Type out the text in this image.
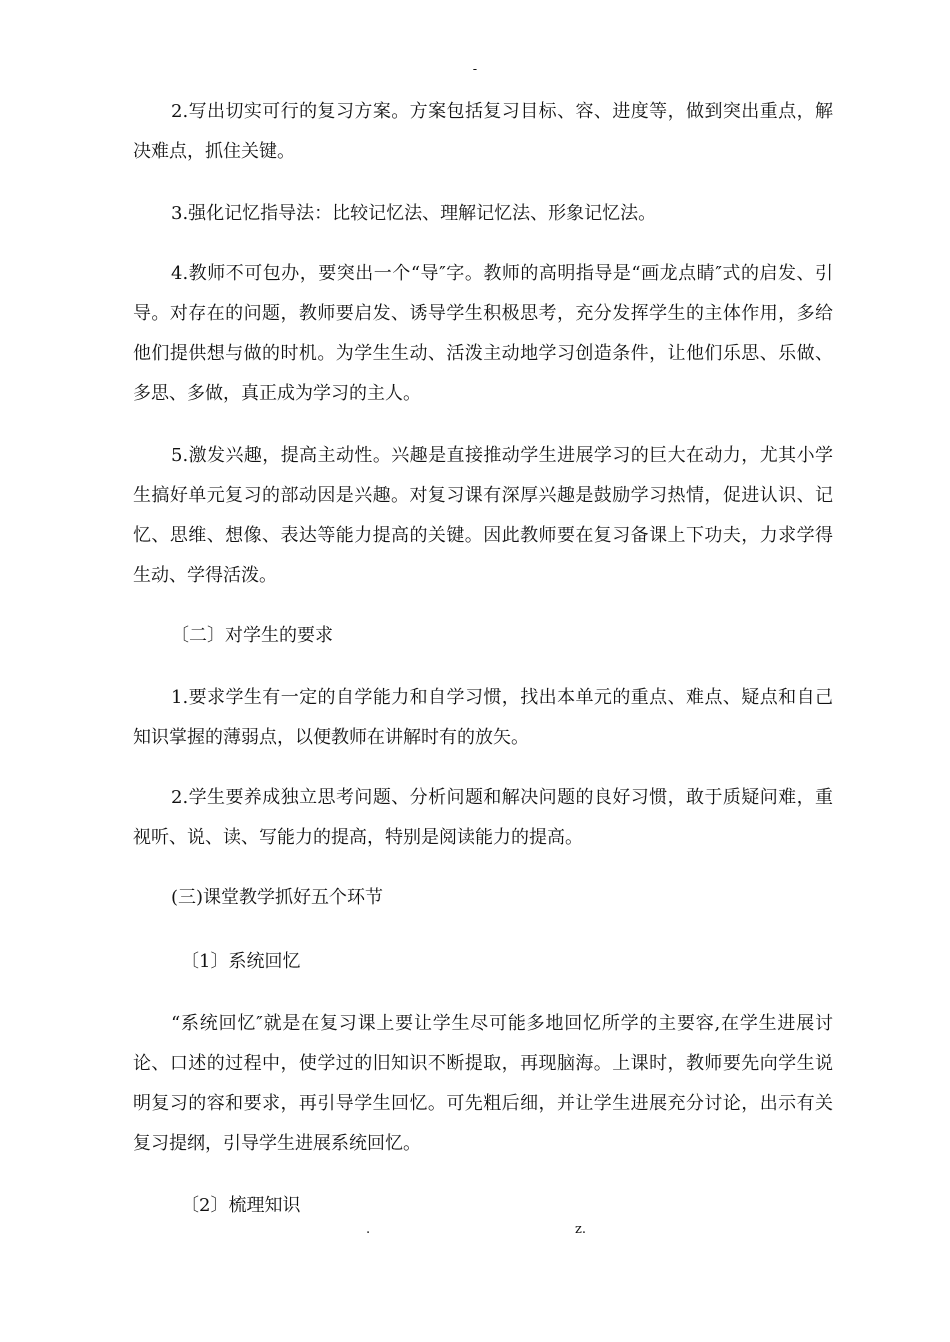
-

2.写出切实可行的复习方案。方案包括复习目标、容、进度等，做到突出重点，解决难点，抓住关键。

3.强化记忆指导法：比较记忆法、理解记忆法、形象记忆法。

4.教师不可包办，要突出一个“导″字。教师的高明指导是“画龙点睛″式的启发、引导。对存在的问题，教师要启发、诱导学生积极思考，充分发挥学生的主体作用，多给他们提供想与做的时机。为学生生动、活泼主动地学习创造条件，让他们乐思、乐做、多思、多做，真正成为学习的主人。

5.激发兴趣，提高主动性。兴趣是直接推动学生进展学习的巨大在动力，尤其小学生搞好单元复习的部动因是兴趣。对复习课有深厚兴趣是鼓励学习热情，促进认识、记忆、思维、想像、表达等能力提高的关键。因此教师要在复习备课上下功夫，力求学得生动、学得活泼。

〔二〕对学生的要求

1.要求学生有一定的自学能力和自学习惯，找出本单元的重点、难点、疑点和自己知识掌握的薄弱点，以便教师在讲解时有的放矢。

2.学生要养成独立思考问题、分析问题和解决问题的良好习惯，敢于质疑问难，重视听、说、读、写能力的提高，特别是阅读能力的提高。

(三)课堂教学抓好五个环节

〔1〕系统回忆

“系统回忆″就是在复习课上要让学生尽可能多地回忆所学的主要容,在学生进展讨论、口述的过程中，使学过的旧知识不断提取，再现脑海。上课时，教师要先向学生说明复习的容和要求，再引导学生回忆。可先粗后细，并让学生进展充分讨论，出示有关复习提纲，引导学生进展系统回忆。

〔2〕梳理知识

.	z.
